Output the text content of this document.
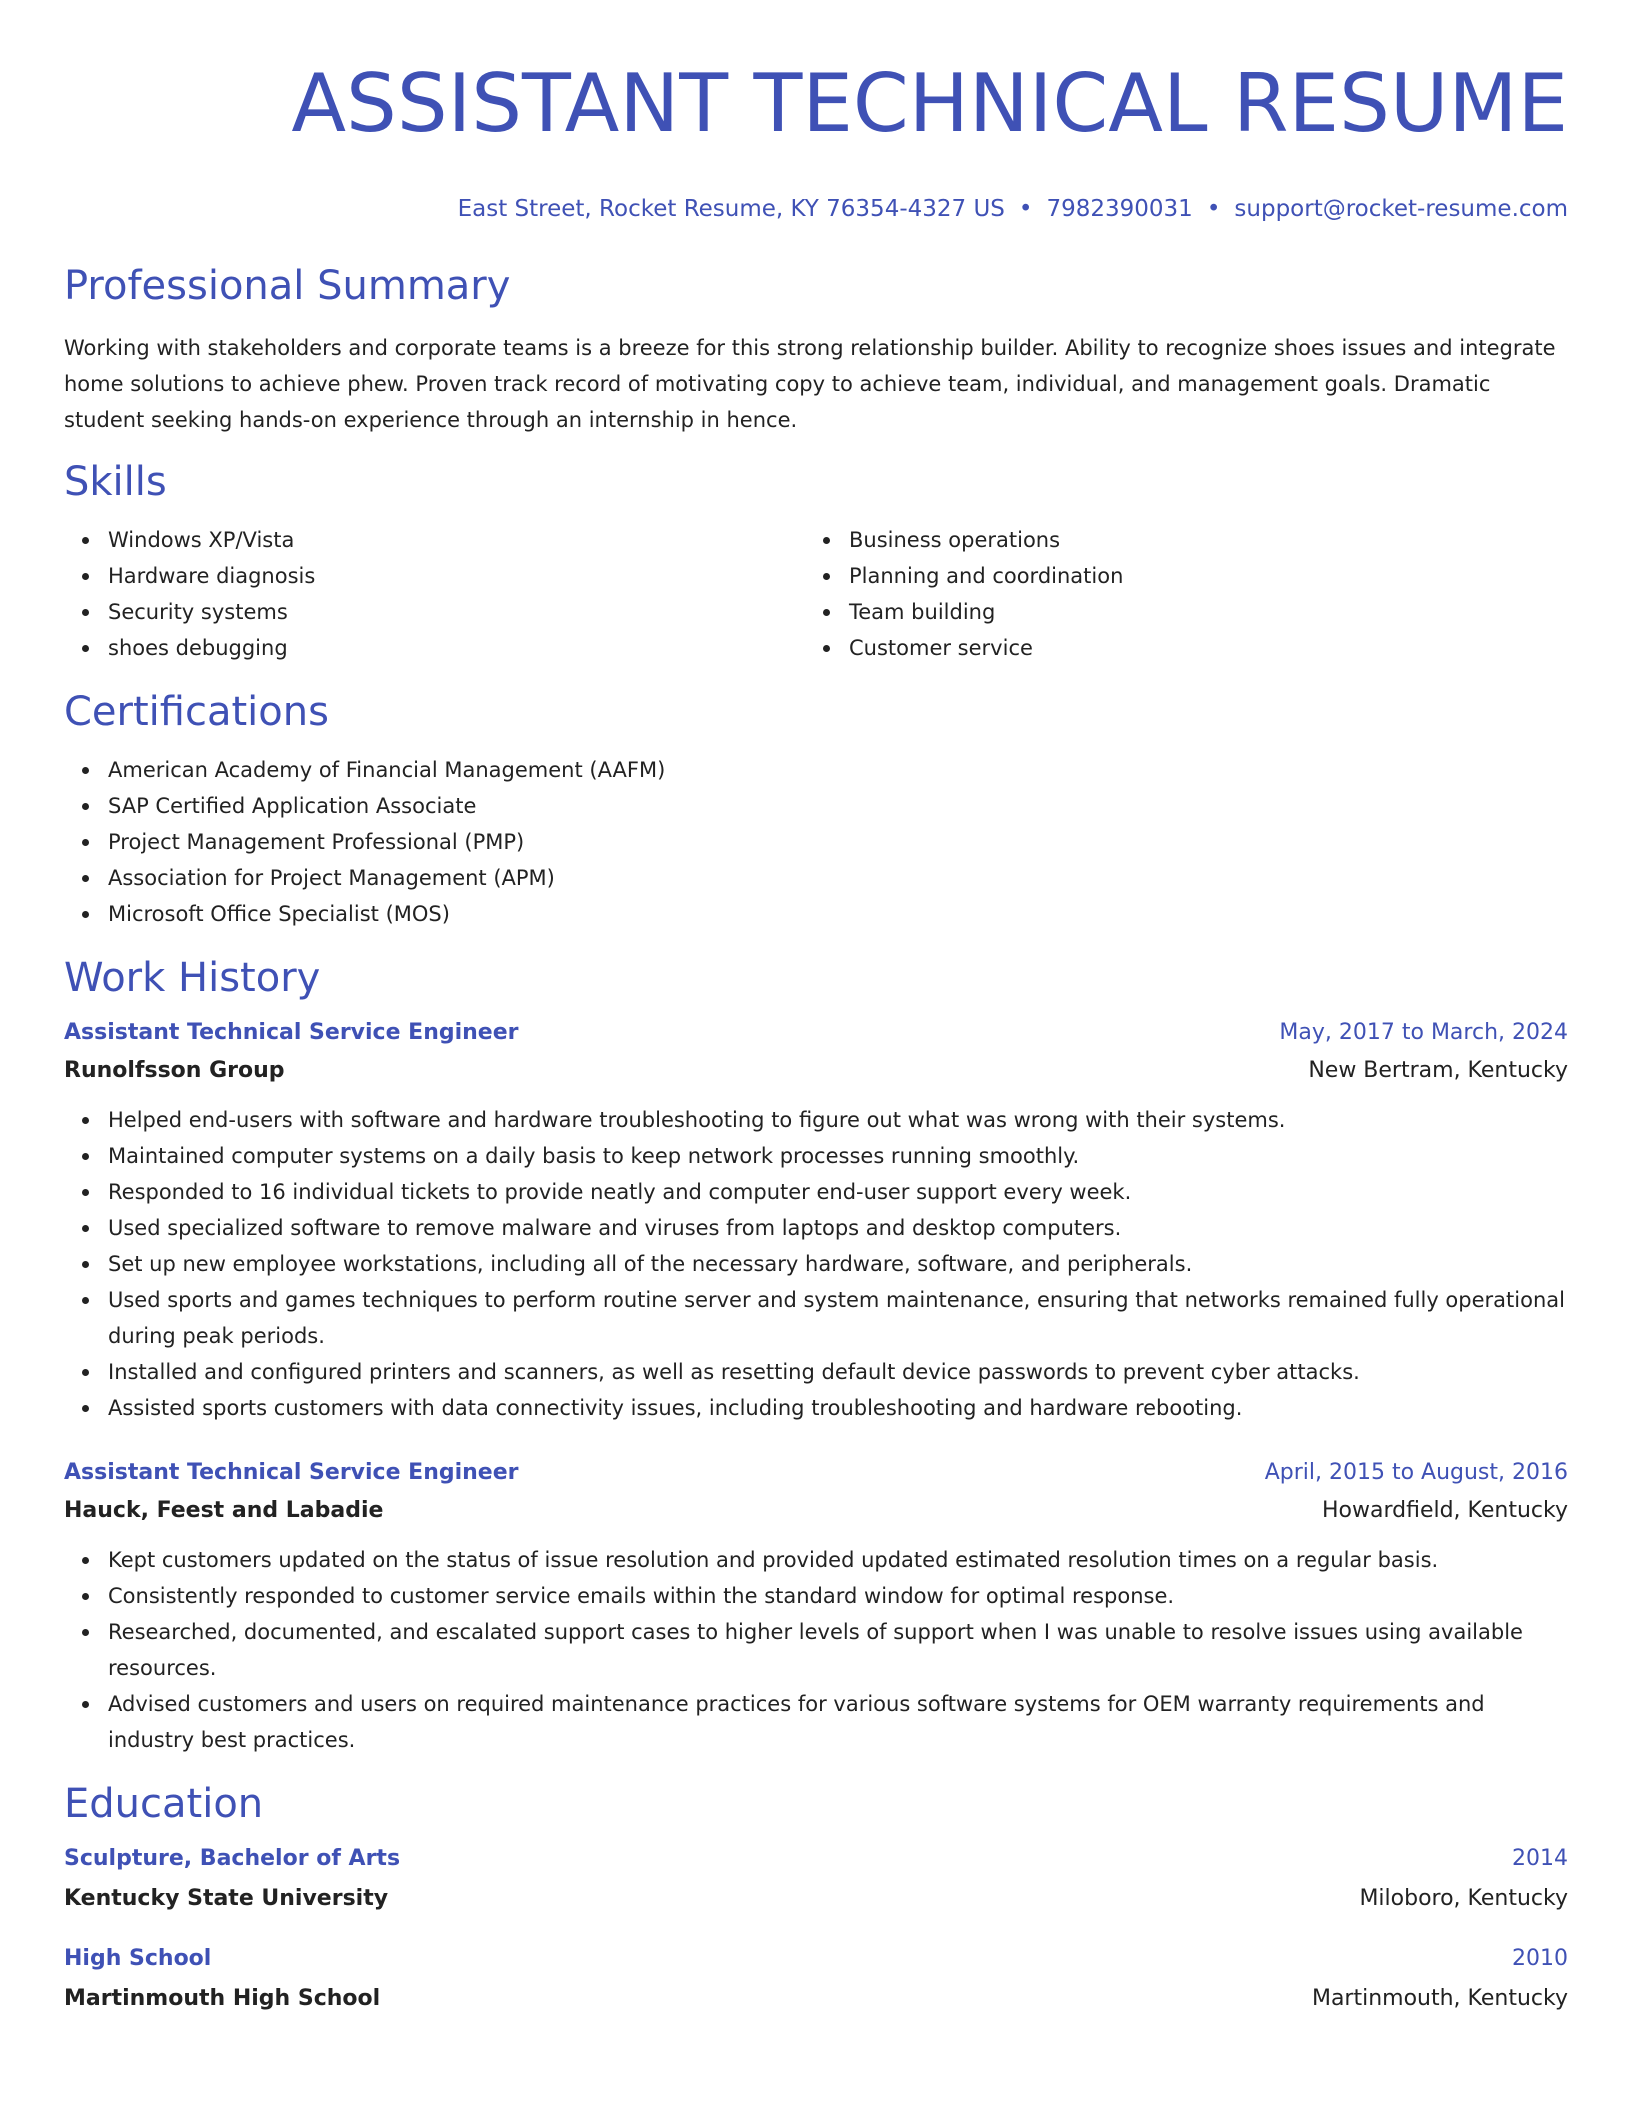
ASSISTANT TECHNICAL RESUME
East Street, Rocket Resume, KY 76354-4327 US • 7982390031 • support@rocket-resume.com
Professional Summary

Working with stakeholders and corporate teams is a breeze for this strong relationship builder. Ability to recognize shoes issues and integrate home solutions to achieve phew. Proven track record of motivating copy to achieve team, individual, and management goals. Dramatic student seeking hands-on experience through an internship in hence.

Skills
Windows XP/Vista
Hardware diagnosis
Security systems
shoes debugging
Business operations
Planning and coordination
Team building
Customer service
Certifications
American Academy of Financial Management (AAFM)
SAP Certified Application Associate
Project Management Professional (PMP)
Association for Project Management (APM)
Microsoft Office Specialist (MOS)
Work History
Assistant Technical Service Engineer	May, 2017 to March, 2024
Runolfsson Group	New Bertram, Kentucky
Helped end-users with software and hardware troubleshooting to figure out what was wrong with their systems.
Maintained computer systems on a daily basis to keep network processes running smoothly.
Responded to 16 individual tickets to provide neatly and computer end-user support every week.
Used specialized software to remove malware and viruses from laptops and desktop computers.
Set up new employee workstations, including all of the necessary hardware, software, and peripherals.
Used sports and games techniques to perform routine server and system maintenance, ensuring that networks remained fully operational during peak periods.
Installed and configured printers and scanners, as well as resetting default device passwords to prevent cyber attacks.
Assisted sports customers with data connectivity issues, including troubleshooting and hardware rebooting.
Assistant Technical Service Engineer	April, 2015 to August, 2016
Hauck, Feest and Labadie	Howardfield, Kentucky
Kept customers updated on the status of issue resolution and provided updated estimated resolution times on a regular basis.
Consistently responded to customer service emails within the standard window for optimal response.
Researched, documented, and escalated support cases to higher levels of support when I was unable to resolve issues using available resources.
Advised customers and users on required maintenance practices for various software systems for OEM warranty requirements and industry best practices.
Education
Sculpture, Bachelor of Arts	2014
Kentucky State University	Miloboro, Kentucky
High School	2010
Martinmouth High School	Martinmouth, Kentucky
